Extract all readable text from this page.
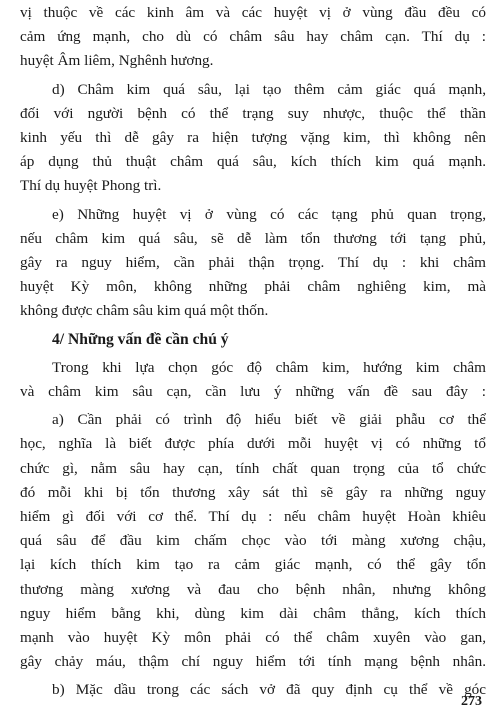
vị thuộc về các kinh âm và các huyệt vị ở vùng đầu đều có
cảm ứng mạnh, cho dù có châm sâu hay châm cạn. Thí dụ :
huyệt Âm liêm, Nghênh hương.
d) Châm kim quá sâu, lại tạo thêm cảm giác quá mạnh,
đối với người bệnh có thể trạng suy nhược, thuộc thể thần
kinh yếu thì dễ gây ra hiện tượng vặng kim, thì không nên
áp dụng thủ thuật châm quá sâu, kích thích kim quá mạnh.
Thí dụ huyệt Phong trì.
e) Những huyệt vị ở vùng có các tạng phủ quan trọng,
nếu châm kim quá sâu, sẽ dễ làm tổn thương tới tạng phủ,
gây ra nguy hiểm, cần phải thận trọng. Thí dụ : khi châm
huyệt Kỳ môn, không những phải châm nghiêng kim, mà
không được châm sâu kim quá một thốn.
4/ Những vấn đề cần chú ý
Trong khi lựa chọn góc độ châm kim, hướng kim châm
và châm kim sâu cạn, cần lưu ý những vấn đề sau đây :
a) Cần phải có trình độ hiểu biết về giải phẫu cơ thể
học, nghĩa là biết được phía dưới mỗi huyệt vị có những tổ
chức gì, nằm sâu hay cạn, tính chất quan trọng của tổ chức
đó mỗi khi bị tổn thương xây sát thì sẽ gây ra những nguy
hiểm gì đối với cơ thể. Thí dụ : nếu châm huyệt Hoàn khiêu
quá sâu để đầu kim chấm chọc vào tới màng xương chậu,
lại kích thích kim tạo ra cảm giác mạnh, có thể gây tổn
thương màng xương và đau cho bệnh nhân, nhưng không
nguy hiểm bằng khi, dùng kim dài châm thẳng, kích thích
mạnh vào huyệt Kỳ môn phải có thể châm xuyên vào gan,
gây chảy máu, thậm chí nguy hiểm tới tính mạng bệnh nhân.
b) Mặc dầu trong các sách vở đã quy định cụ thể về góc
273
